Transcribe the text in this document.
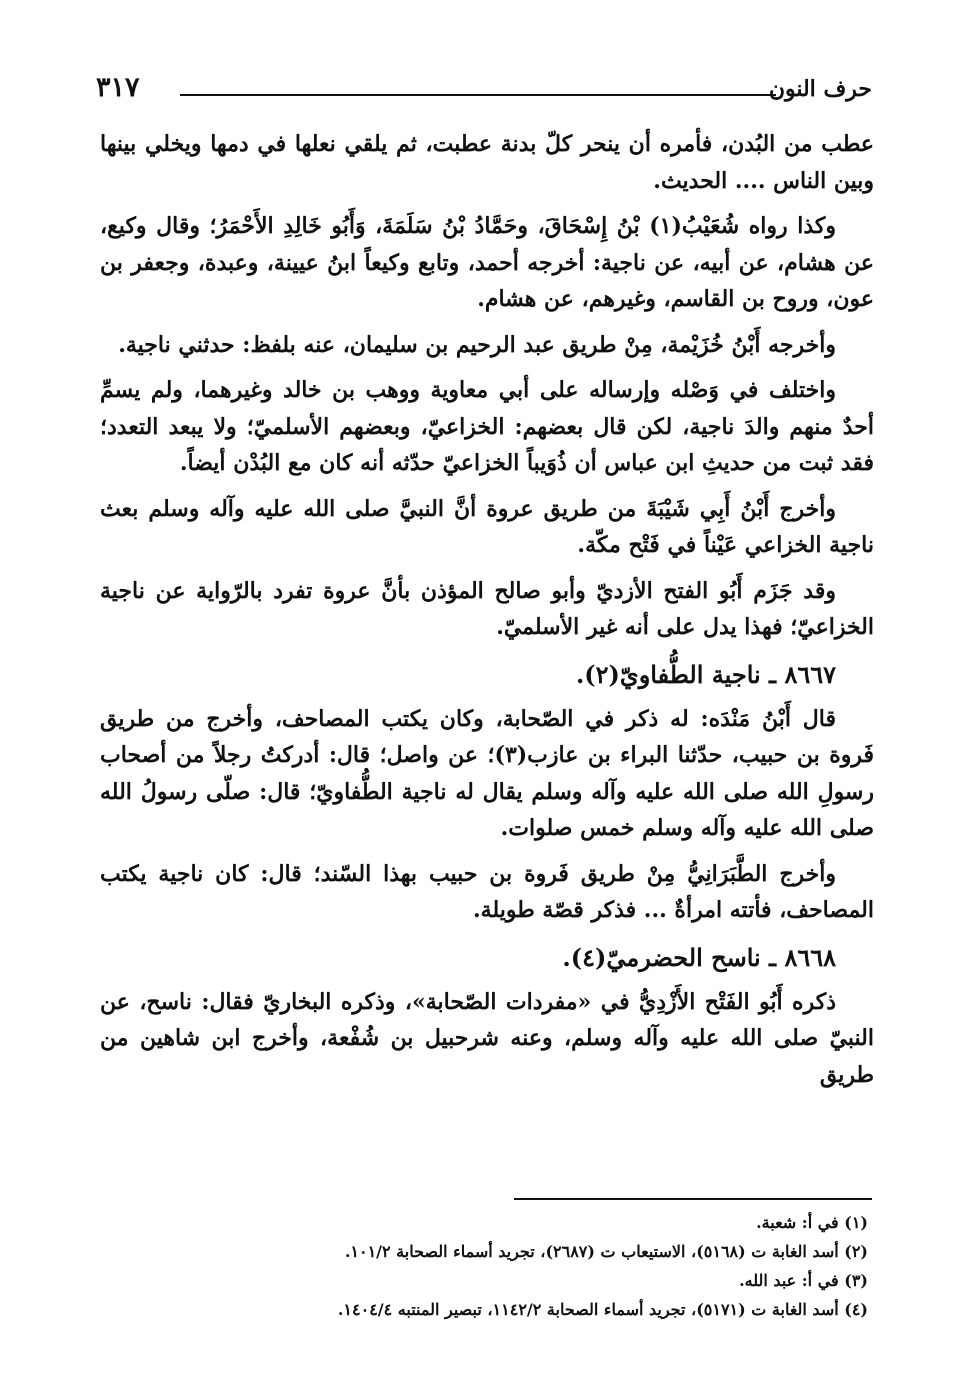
حرف النون
٣١٧

عطب من البُدن، فأمره أن ينحر كلّ بدنة عطبت، ثم يلقي نعلها في دمها ويخلي بينها وبين الناس .... الحديث.

وكذا رواه شُعَيْبُ(١) بْنُ إِسْحَاقَ، وحَمَّادُ بْنُ سَلَمَةَ، وَأَبُو خَالِدِ الأَحْمَرُ؛ وقال وكيع، عن هشام، عن أبيه، عن ناجية: أخرجه أحمد، وتابع وكيعاً ابنُ عيينة، وعبدة، وجعفر بن عون، وروح بن القاسم، وغيرهم، عن هشام.

وأخرجه أَبْنُ خُزَيْمة، مِنْ طريق عبد الرحيم بن سليمان، عنه بلفظ: حدثني ناجية.

واختلف في وَصْله وإرساله على أبي معاوية ووهب بن خالد وغيرهما، ولم يسمِّ أحدٌ منهم والدَ ناجية، لكن قال بعضهم: الخزاعيّ، وبعضهم الأسلميّ؛ ولا يبعد التعدد؛ فقد ثبت من حديثِ ابن عباس أن ذُوَيباً الخزاعيّ حدّثه أنه كان مع البُدْن أيضاً.

وأخرج أَبْنُ أَبِي شَيْبَةَ من طريق عروة أنَّ النبيَّ صلى الله عليه وآله وسلم بعث ناجية الخزاعي عَيْناً في فَتْح مكّة.

وقد جَزَم أَبُو الفتح الأزديّ وأبو صالح المؤذن بأنَّ عروة تفرد بالرّواية عن ناجية الخزاعيّ؛ فهذا يدل على أنه غير الأسلميّ.

٨٦٦٧ ـ ناجية الطُّفاويّ(٢).

قال أَبْنُ مَنْدَه: له ذكر في الصّحابة، وكان يكتب المصاحف، وأخرج من طريق فَروة بن حبيب، حدّثنا البراء بن عازب(٣)؛ عن واصل؛ قال: أدركتُ رجلاً من أصحاب رسولِ الله صلى الله عليه وآله وسلم يقال له ناجية الطُّفاويّ؛ قال: صلّى رسولُ الله صلى الله عليه وآله وسلم خمس صلوات.

وأخرج الطَّبَرَانِيُّ مِنْ طريق فَروة بن حبيب بهذا السّند؛ قال: كان ناجية يكتب المصاحف، فأتته امرأةٌ ... فذكر قصّة طويلة.

٨٦٦٨ ـ ناسح الحضرميّ(٤).

ذكره أَبُو الفَتْح الأَزْدِيُّ في «مفردات الصّحابة»، وذكره البخاريّ فقال: ناسح، عن النبيّ صلى الله عليه وآله وسلم، وعنه شرحبيل بن شُفْعة، وأخرج ابن شاهين من طريق

(١) في أ: شعبة.

(٢) أسد الغابة ت (٥١٦٨)، الاستيعاب ت (٢٦٨٧)، تجريد أسماء الصحابة ١٠١/٢.

(٣) في أ: عبد الله.

(٤) أسد الغابة ت (٥١٧١)، تجريد أسماء الصحابة ١١٤٢/٢، تبصير المنتبه ١٤٠٤/٤.
